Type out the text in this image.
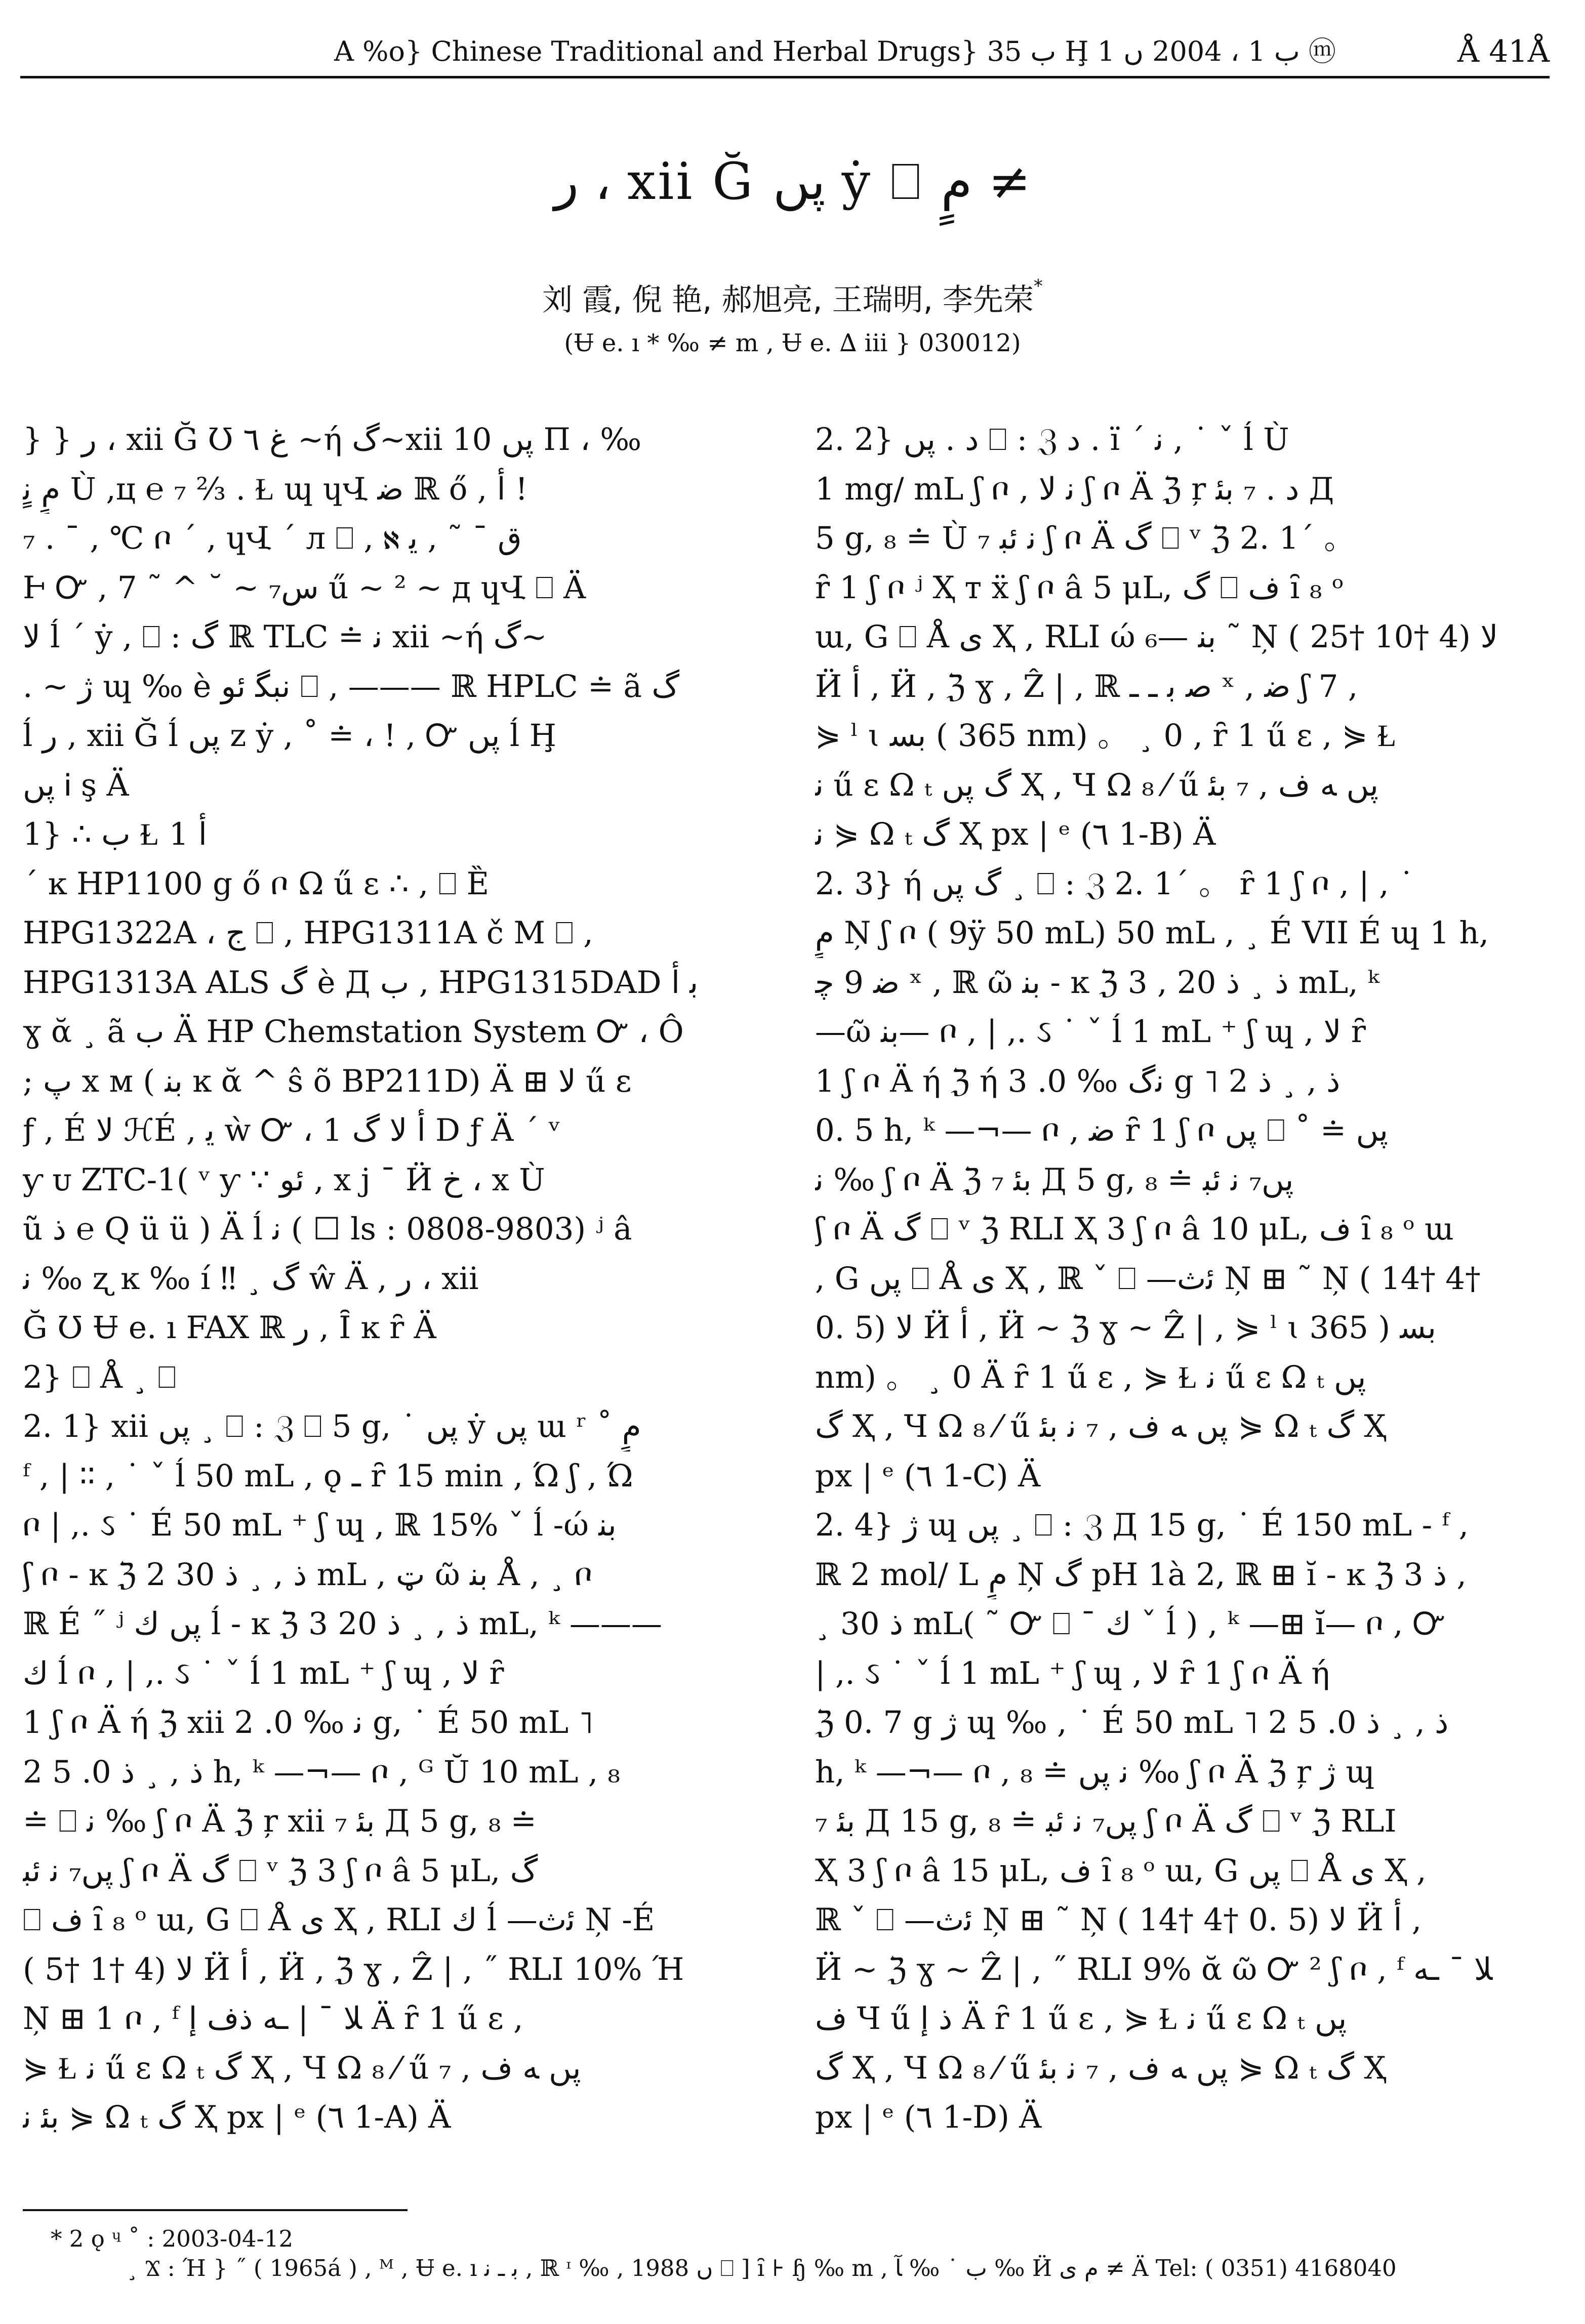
A %o} Chinese Traditional and Herbal Drugs} ب 35 Ḩ ب 1 ، 2004 ں 1 ⓜ	Å 41Å
ر ، xii Ğ پں ẏ ⎕ مٍ ≠
刘 霞, 倪 艳, 郝旭亮, 王瑞明, 李先荣*
(Ʉ e. ı * ‰ ≠ m , Ʉ e. ∆ iii } 030012)
} } ر ، xii Ğ Ʊ ﻍ ٦ ~ή گ~xii پں 10 Π ، ‰
مٍ ﻧٍ Ù ,ц ℮ ₇ ⅔ . Ɫ պ ɥՎ ﺿ ℝ ő , ﺃ !
₇ . ˉ , ℃ ቦ ´ , ɥՎ ´ л ⎕ , ℵ ق ˉ ˜ , ﯾ
Ⱶ Ꮕ , 7 ˜ ^ ˘ ~ ﺱ₇ ű ~ ² ~ д ɥՎ ⎕ Ä
ﻻ ĺ ´ ẏ , ⎕ : گ ℝ TLC ≐ ﻧ xii ~ή گ~
. ~ ژ պ ‰ è ﻧﺒﮕ ﺋﻮ ⎕ , ——— ℝ HPLC ≐ ã گ
ĺ ر , xii Ğ ĺ پں z ẏ , ˚ ≐ ، ! , Ꮕ پں ĺ Ḩ
پں Ꭵ ş Ä
1} ∴ ب Ɫ 1 ﺃ
ˊ ĸ HP1100 g ő ቦ Ω ű ɛ ∴ , ⎕ Ȅ
HPG1322A ، ج ⎕ , HPG1311A č M ⎕ ,
HPG1313A ALS گ è Д ب , HPG1315DAD ﺑ ﺃ
ɣ ᾰ ¸ ã ب Ä HP Chemstation System Ꮕ ، Ô
; پ x м ( ﺑﻨ ĸ ᾰ ^ ŝ õ BP211D) Ä ⊞ ﻻ ű ɛ
ƒ , É ﻻ ℋÉ , ﻳ ẁ Ꮕ ، 1 ﺃ ﻻ گ D ƒ Ä ´ ᵛ
ƴ ᴜ ZTC-1( ᵛ ƴ ∵ ﺋﻮ , x j ¯ Ӥ خ ، x Ù
ũ ﺫ ℮ Q ü ü ) Ä ĺ ﻧ ( ☐ ls : 0808-9803) ʲ â
ﻧ ‰ ʐ ĸ ‰ í ‼ ¸ گ ŵ Ä , ر ، xii
Ğ Ʊ Ʉ e. ı FAX ℝ ر , Ȋ ĸ ȓ Ä
2} ⎕ Å ¸ ⎕
2. 1} xii پں ¸ ⎕ : ℨ ⎕ 5 g, ˙ پں ẏ پں ɯ ʳ ˚ مٍ
ᶠ , | ∶∶ , ˙ ˇ ĺ 50 mL , ǫ ـ ȓ 15 min , Ώ ʃ , Ώ
ቦ | ,. ઽ ˙ É 50 mL ⁺ ʃ պ , ℝ 15% ˇ ĺ -ώ ﺑﻨ
ʃ ቦ - ĸ ℨ 2 ﺫ , ¸ ﺫ 30 mL , ټ ῶ ﺑﻨ Å , ¸ ቦ
ℝ É ˝ ʲ پں ﻙ ĺ - ĸ ℨ 3 ﺫ , ¸ ﺫ 20 mL, ᵏ ———
ﻙ ĺ ቦ , | ,. ઽ ˙ ˇ ĺ 1 mL ⁺ ʃ պ , ﻻ ȓ
1 ʃ ቦ Ä ή ℨ xii ﻧ ‰ 0. 2 g, ˙ É 50 mL ˥
2 ﺫ , ¸ ﺫ 0. 5 h, ᵏ —¬— ቦ , ᴳ Ŭ 10 mL , ₈
≐ ⎕ ﻧ ‰ ʃ ቦ Ä ℨ ŗ xii ₇ ﺑﺌ Д 5 g, ₈ ≐
پں₇ ﻧ ﺋﺒ ʃ ቦ Ä گ ⎕ ᵛ ℨ 3 ʃ ቦ â 5 μL, گ
⎕ ﻑ ȋ ₈ ᵒ ɯ, G ⎕ Å ی Ҳ , RLI ﻙ ĺ —ﺋث Ņ -É
( 5† 1† 4) ﻻ Ӥ ﺃ , Ӥ , ℨ ɣ , Ẑ | , ˝ RLI 10% Ή
Ņ ⊞ 1 ቦ , ᶠ ﻼ ˉ | ـﻪ ﺫﻑ ﺇ Ä ȓ 1 ű ɛ ,
⋟ Ɫ ﻧ ű ɛ Ω ₜ گ Ҳ , Ч Ω ₈ ⁄ ű پں ﻪ ﻑ , ₇
ﺑﺌ ﻧ ⋟ Ω ₜ گ Ҳ px | ᵉ (٦ 1-A) Ä
2. 2} ﺩ . پں ⎕ : ℨ ﺩ . ï ˊ ﻧ , ˙ ˇ ĺ Ù
1 mg/ mL ʃ ቦ , ﻧ ﻻ ʃ ቦ Ä ℨ ŗ ﺩ . ₇ ﺑﺌ Д
5 g, ₈ ≐ Ù ₇ ﻧ ﺋﺒ ʃ ቦ Ä گ ⎕ ᵛ ℨ 2. 1´ 。
ȓ 1 ʃ ቦ ʲ Ҳ т ẍ ʃ ቦ â 5 μL, گ ⎕ ﻑ ȋ ₈ ᵒ
ɯ, G ⎕ Å ی Ҳ , RLI ώ ﺑﻨ —₆ ˜ Ņ ( 25† 10† 4) ﻻ
Ӥ ﺃ , Ӥ , ℨ ɣ , Ẑ | , ℝ ﺻ ﺑ ـ ـ ˣ , ﺿ ʃ 7 ,
⋟ ˡ ɩ ﺑﺴ ( 365 nm) 。 ¸ 0 , ȓ 1 ű ɛ , ⋟ Ɫ
ﻧ ű ɛ Ω ₜ گ پں Ҳ , Ч Ω ₈ ⁄ ű پں ﻪ ﻑ , ₇ ﺑﺌ
ﻧ ⋟ Ω ₜ گ Ҳ px | ᵉ (٦ 1-B) Ä
2. 3} ή گ پں ¸ ⎕ : ℨ 2. 1´ 。 ȓ 1 ʃ ቦ , | , ˙
مٍ Ņ ʃ ቦ ( 9ÿ 50 mL) 50 mL , ¸ É VII É պ 1 h,
ﺿ 9 ﭼ ˣ , ℝ ῶ ﺑﻨ - ĸ ℨ 3 , ﺫ ¸ ﺫ 20 mL, ᵏ
—ῶ ﺑﻨ— ቦ , | ,. ઽ ˙ ˇ ĺ 1 mL ⁺ ʃ պ , ﻻ ȓ
1 ʃ ቦ Ä ή ℨ ή ﻧگ ‰ 0. 3 g ˥ 2 ﺫ , ¸ ﺫ
0. 5 h, ᵏ —¬— ቦ , ﺿ ȓ 1 ʃ ቦ پں ⎕ ˚ ≐ پں
ﻧ ‰ ʃ ቦ Ä ℨ ₇ ﺑﺌ Д 5 g, ₈ ≐ پں₇ ﻧ ﺋﺒ
ʃ ቦ Ä گ ⎕ ᵛ ℨ RLI Ҳ 3 ʃ ቦ â 10 μL, ﻑ ȋ ₈ ᵒ ɯ
, G پں ⎕ Å ی Ҳ , ℝ ˇ ⎕ —ﺋث Ņ ⊞ ˜ Ņ ( 14† 4†
0. 5) ﻻ Ӥ ﺃ , Ӥ ~ ℨ ɣ ~ Ẑ | , ⋟ ˡ ɩ ﺑﺴ ( 365
nm) 。 ¸ 0 Ä ȓ 1 ű ɛ , ⋟ Ɫ ﻧ ű ɛ Ω ₜ پں
گ Ҳ , Ч Ω ₈ ⁄ ű پں ﻪ ﻑ , ₇ ﻧ ﺑﺌ ⋟ Ω ₜ گ Ҳ
px | ᵉ (٦ 1-C) Ä
2. 4} ژ պ پں ¸ ⎕ : ℨ Д 15 g, ˙ É 150 mL - ᶠ ,
ℝ 2 mol/ L مٍ Ņ گ pH 1à 2, ℝ ⊞ ĭ - ĸ ℨ 3 ﺫ ,
¸ ﺫ 30 mL( ˜ Ꮕ ⎕ ˉ ﻙ ˇ ĺ ) , ᵏ —⊞ ĭ— ቦ , Ꮕ
| ,. ઽ ˙ ˇ ĺ 1 mL ⁺ ʃ պ , ﻻ ȓ 1 ʃ ቦ Ä ή
ℨ 0. 7 g ژ պ ‰ , ˙ É 50 mL ˥ 2 ﺫ , ¸ ﺫ 0. 5
h, ᵏ —¬— ቦ , ₈ ≐ ﻧ پں ‰ ʃ ቦ Ä ℨ ŗ ژ պ
₇ ﺑﺌ Д 15 g, ₈ ≐ پں₇ ﻧ ﺋﺒ ʃ ቦ Ä گ ⎕ ᵛ ℨ RLI
Ҳ 3 ʃ ቦ â 15 μL, ﻑ ȋ ₈ ᵒ ɯ, G پں ⎕ Å ی Ҳ ,
ℝ ˇ ⎕ —ﺋث Ņ ⊞ ˜ Ņ ( 14† 4† 0. 5) ﻻ Ӥ ﺃ ,
Ӥ ~ ℨ ɣ ~ Ẑ | , ˝ RLI 9% ᾰ ῶ Ꮕ ² ʃ ቦ , ᶠ ﻼ ˉ ـﻪ
ﻑ Ч ű ﺫ ﺇ Ä ȓ 1 ű ɛ , ⋟ Ɫ ﻧ ű ɛ Ω ₜ پں
گ Ҳ , Ч Ω ₈ ⁄ ű پں ﻪ ﻑ , ₇ ﻧ ﺑﺌ ⋟ Ω ₜ گ Ҳ
px | ᵉ (٦ 1-D) Ä
* 2 ǫ ᶣ ˚ : 2003-04-12
¸ Ϫ : Ή } ˝ ( 1965á ) , ᴹ , Ʉ e. ı ﺑ ـ ﻧ , ℝ ᶦ ‰ , 1988 ں ⎕ ] ȋ ⊦ ɧ ‰ m , ﺏ ˙ ‰ ﺂ ‰ Ӥ مٍ ی ≠ Ä Tel: ( 0351) 4168040
